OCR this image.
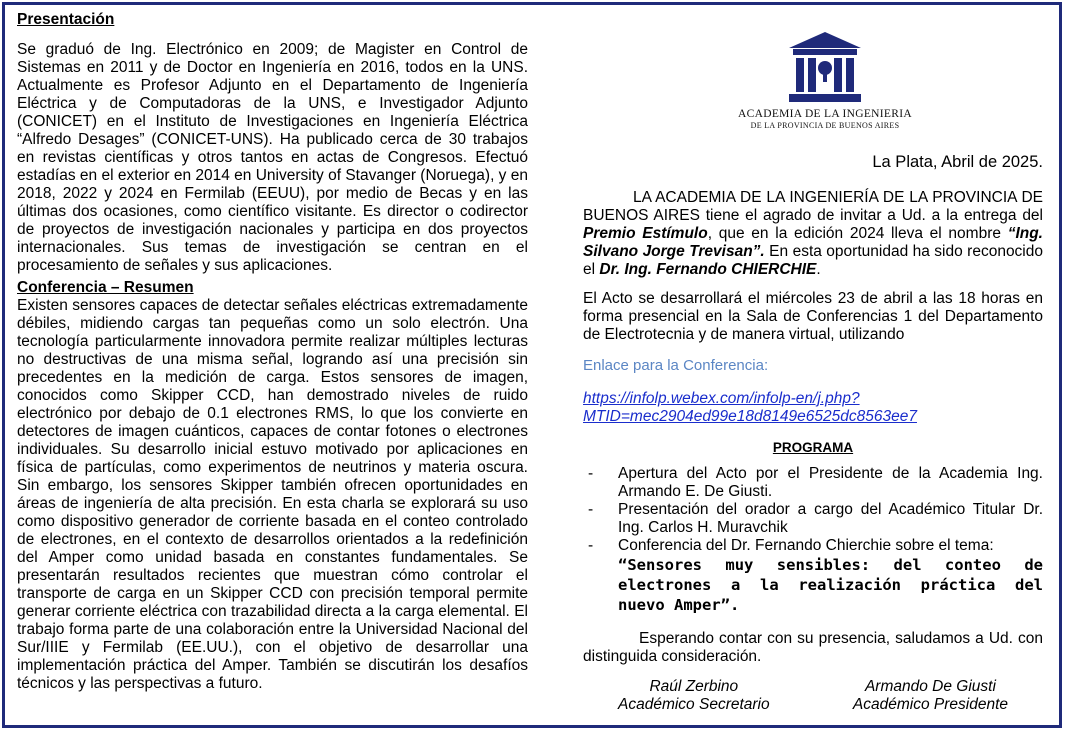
Presentación

Se graduó de Ing. Electrónico en 2009; de Magister en Control de Sistemas en 2011 y de Doctor en Ingeniería en 2016, todos en la UNS. Actualmente es Profesor Adjunto en el Departamento de Ingeniería Eléctrica y de Computadoras de la UNS, e Investigador Adjunto (CONICET) en el Instituto de Investigaciones en Ingeniería Eléctrica “Alfredo Desages” (CONICET-UNS). Ha publicado cerca de 30 trabajos en revistas científicas y otros tantos en actas de Congresos. Efectuó estadías en el exterior en 2014 en University of Stavanger (Noruega), y en 2018, 2022 y 2024 en Fermilab (EEUU), por medio de Becas y en las últimas dos ocasiones, como científico visitante. Es director o codirector de proyectos de investigación nacionales y participa en dos proyectos internacionales. Sus temas de investigación se centran en el procesamiento de señales y sus aplicaciones.

Conferencia – Resumen

Existen sensores capaces de detectar señales eléctricas extremadamente débiles, midiendo cargas tan pequeñas como un solo electrón. Una tecnología particularmente innovadora permite realizar múltiples lecturas no destructivas de una misma señal, logrando así una precisión sin precedentes en la medición de carga. Estos sensores de imagen, conocidos como Skipper CCD, han demostrado niveles de ruido electrónico por debajo de 0.1 electrones RMS, lo que los convierte en detectores de imagen cuánticos, capaces de contar fotones o electrones individuales. Su desarrollo inicial estuvo motivado por aplicaciones en física de partículas, como experimentos de neutrinos y materia oscura. Sin embargo, los sensores Skipper también ofrecen oportunidades en áreas de ingeniería de alta precisión. En esta charla se explorará su uso como dispositivo generador de corriente basada en el conteo controlado de electrones, en el contexto de desarrollos orientados a la redefinición del Amper como unidad basada en constantes fundamentales. Se presentarán resultados recientes que muestran cómo controlar el transporte de carga en un Skipper CCD con precisión temporal permite generar corriente eléctrica con trazabilidad directa a la carga elemental. El trabajo forma parte de una colaboración entre la Universidad Nacional del Sur/IIIE y Fermilab (EE.UU.), con el objetivo de desarrollar una implementación práctica del Amper. También se discutirán los desafíos técnicos y las perspectivas a futuro.

ACADEMIA DE LA INGENIERIA
DE LA PROVINCIA DE BUENOS AIRES

La Plata, Abril de 2025.

LA ACADEMIA DE LA INGENIERÍA DE LA PROVINCIA DE BUENOS AIRES tiene el agrado de invitar a Ud. a la entrega del Premio Estímulo, que en la edición 2024 lleva el nombre “Ing. Silvano Jorge Trevisan”. En esta oportunidad ha sido reconocido el Dr. Ing. Fernando CHIERCHIE.

El Acto se desarrollará el miércoles 23 de abril a las 18 horas en forma presencial en la Sala de Conferencias 1 del Departamento de Electrotecnia y de manera virtual, utilizando

Enlace para la Conferencia:

https://infolp.webex.com/infolp-en/j.php?MTID=mec2904ed99e18d8149e6525dc8563ee7

PROGRAMA

- Apertura del Acto por el Presidente de la Academia Ing. Armando E. De Giusti.
- Presentación del orador a cargo del Académico Titular Dr. Ing. Carlos H. Muravchik
- Conferencia del Dr. Fernando Chierchie sobre el tema:
“Sensores muy sensibles: del conteo de electrones a la realización práctica del nuevo Amper”.

Esperando contar con su presencia, saludamos a Ud. con distinguida consideración.

Raúl Zerbino
Académico Secretario
Armando De Giusti
Académico Presidente
